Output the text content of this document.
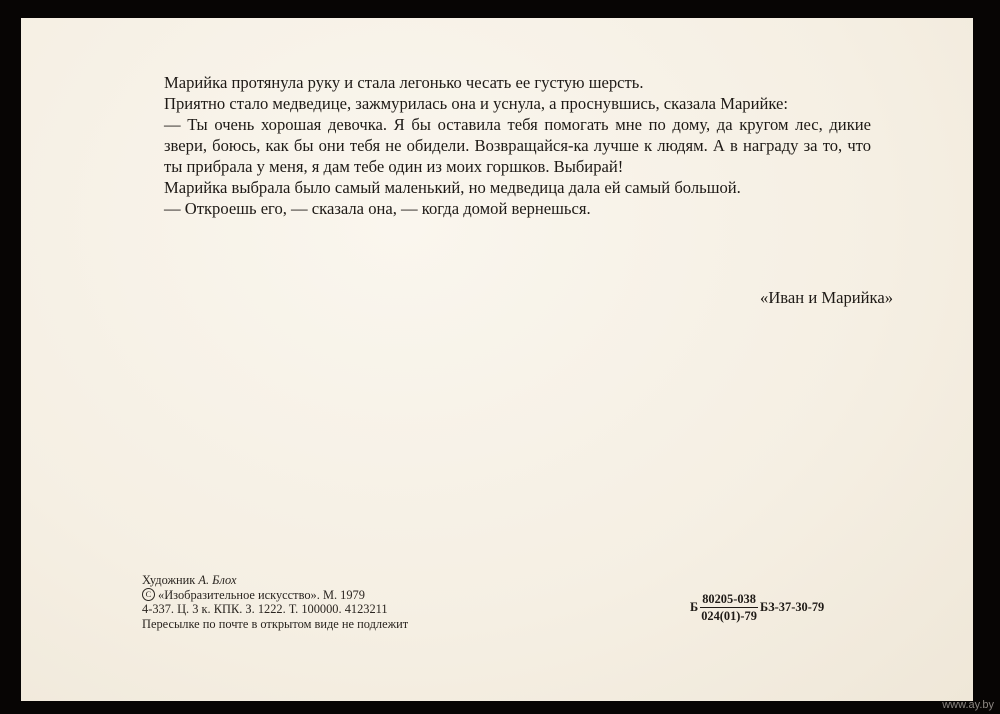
Марийка протянула руку и стала легонько чесать ее густую шерсть.

Приятно стало медведице, зажмурилась она и уснула, а проснувшись, сказала Марийке:

— Ты очень хорошая девочка. Я бы оставила тебя помогать мне по дому, да кругом лес, дикие звери, боюсь, как бы они тебя не обидели. Возвращайся-ка лучше к людям. А в награду за то, что ты прибрала у меня, я дам тебе один из моих горшков. Выбирай!

Марийка выбрала было самый маленький, но медведица дала ей самый большой.

— Откроешь его, — сказала она, — когда домой вернешься.

«Иван и Марийка»
Художник А. Блох
C «Изобразительное искусство». М. 1979
4-337. Ц. 3 к. КПК. З. 1222. Т. 100000. 4123211
Пересылке по почте в открытом виде не подлежит
Б $\frac{80205-038}{024(01)-79} БЗ-37-30-79$
www.ay.by
